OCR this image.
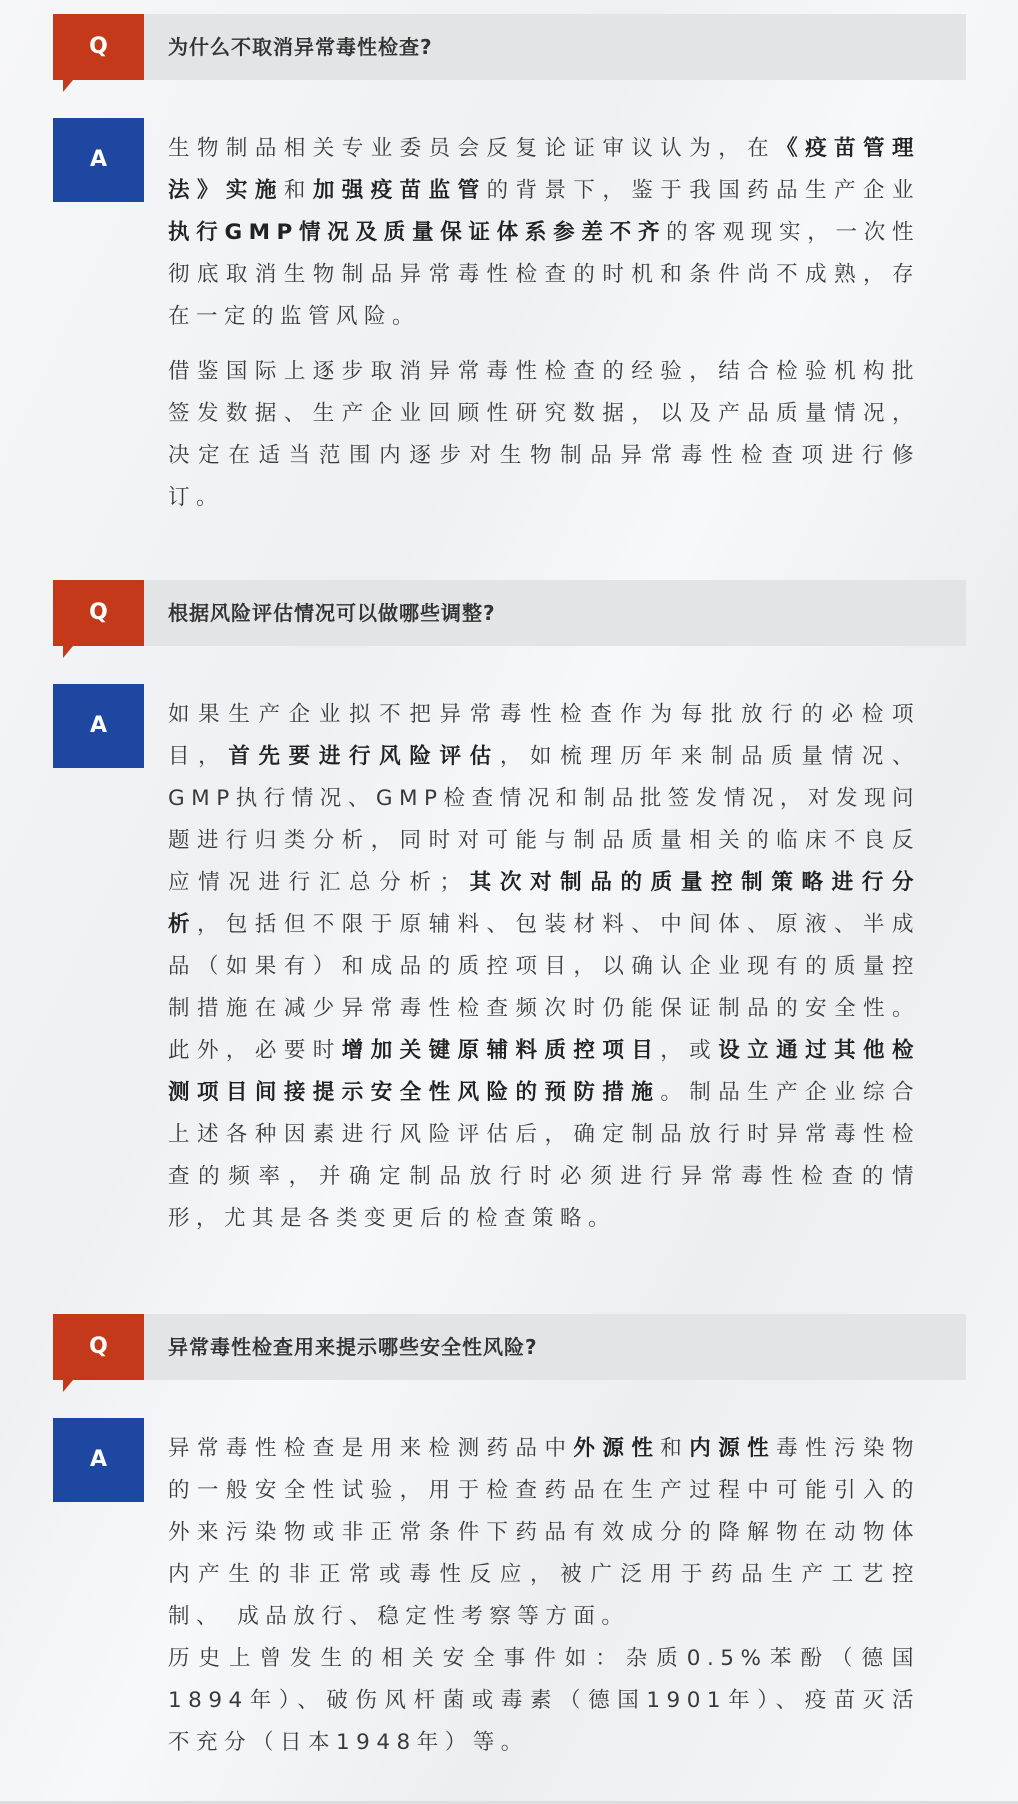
Q	为什么不取消异常毒性检查?
A	生物制品相关专业委员会反复论证审议认为，在《疫苗管理法》实施和加强疫苗监管的背景下，鉴于我国药品生产企业执行GMP情况及质量保证体系参差不齐的客观现实，一次性彻底取消生物制品异常毒性检查的时机和条件尚不成熟，存在一定的监管风险。

借鉴国际上逐步取消异常毒性检查的经验，结合检验机构批签发数据、生产企业回顾性研究数据，以及产品质量情况，决定在适当范围内逐步对生物制品异常毒性检查项进行修订。

Q	根据风险评估情况可以做哪些调整?
A	如果生产企业拟不把异常毒性检查作为每批放行的必检项目，首先要进行风险评估，如梳理历年来制品质量情况、GMP执行情况、GMP检查情况和制品批签发情况，对发现问题进行归类分析，同时对可能与制品质量相关的临床不良反应情况进行汇总分析；其次对制品的质量控制策略进行分析，包括但不限于原辅料、包装材料、中间体、原液、半成品（如果有）和成品的质控项目，以确认企业现有的质量控制措施在减少异常毒性检查频次时仍能保证制品的安全性。此外，必要时增加关键原辅料质控项目，或设立通过其他检测项目间接提示安全性风险的预防措施。制品生产企业综合上述各种因素进行风险评估后，确定制品放行时异常毒性检查的频率，并确定制品放行时必须进行异常毒性检查的情形，尤其是各类变更后的检查策略。

Q	异常毒性检查用来提示哪些安全性风险?
A	异常毒性检查是用来检测药品中外源性和内源性毒性污染物的一般安全性试验，用于检查药品在生产过程中可能引入的外来污染物或非正常条件下药品有效成分的降解物在动物体内产生的非正常或毒性反应，被广泛用于药品生产工艺控制、 成品放行、稳定性考察等方面。
历史上曾发生的相关安全事件如：杂质0.5%苯酚（德国1894年）、破伤风杆菌或毒素（德国1901年）、疫苗灭活不充分（日本1948年）等。
